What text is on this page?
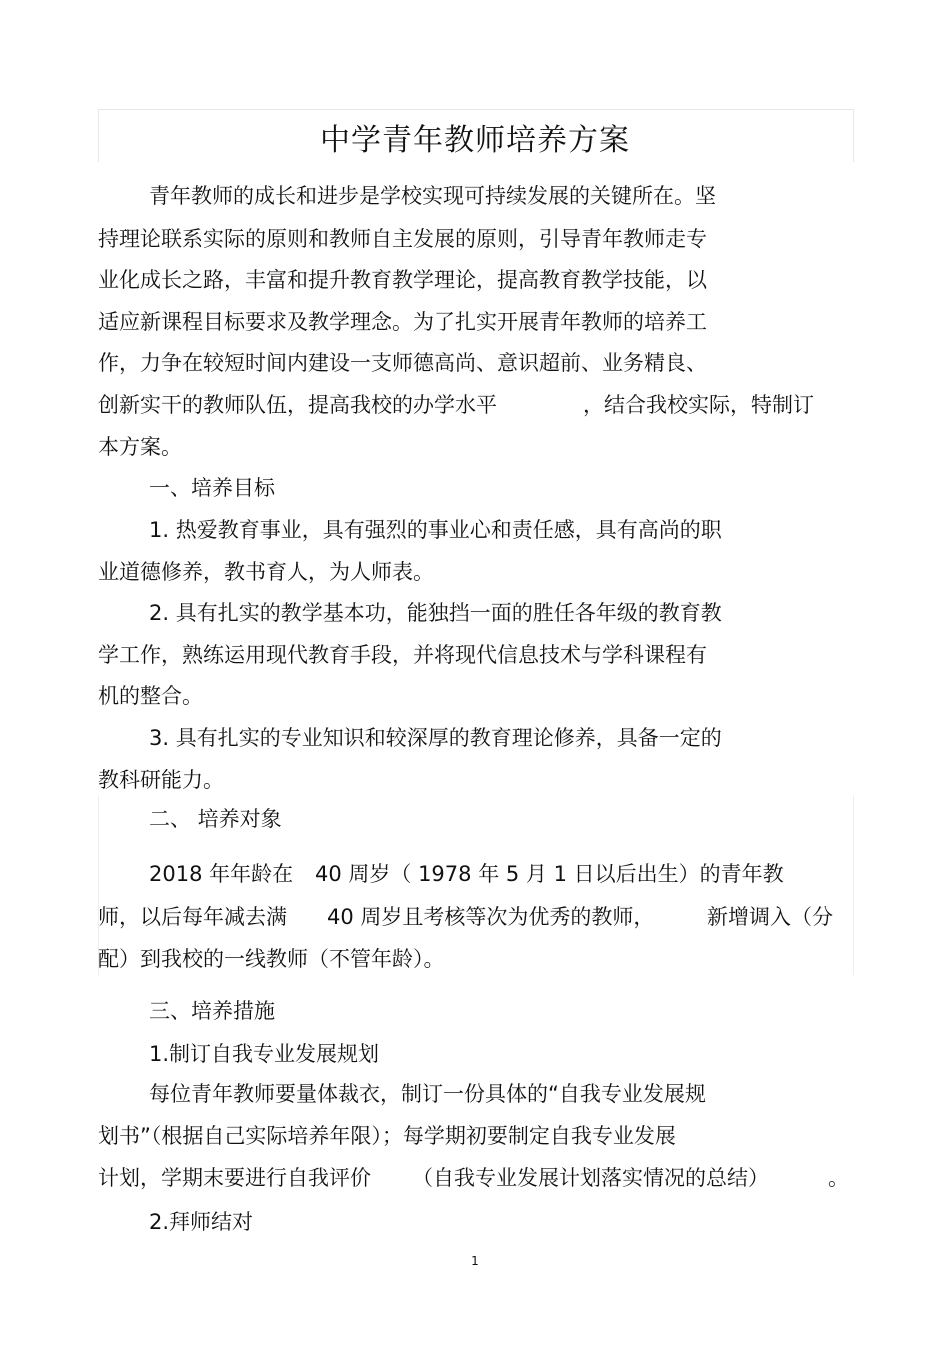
中学青年教师培养方案
青年教师的成长和进步是学校实现可持续发展的关键所在。坚
持理论联系实际的原则和教师自主发展的原则，引导青年教师走专
业化成长之路，丰富和提升教育教学理论，提高教育教学技能，以
适应新课程目标要求及教学理念。为了扎实开展青年教师的培养工
作，力争在较短时间内建设一支师德高尚、意识超前、业务精良、
创新实干的教师队伍，提高我校的办学水平	，结合我校实际，特制订
本方案。
一、培养目标
1. 热爱教育事业，具有强烈的事业心和责任感，具有高尚的职
业道德修养，教书育人，为人师表。
2. 具有扎实的教学基本功，能独挡一面的胜任各年级的教育教
学工作，熟练运用现代教育手段，并将现代信息技术与学科课程有
机的整合。
3. 具有扎实的专业知识和较深厚的教育理论修养，具备一定的
教科研能力。
二、 培养对象
2018 年年龄在 40 周岁（ 1978 年 5 月 1 日以后出生）的青年教
师，以后每年减去满 40 周岁且考核等次为优秀的教师，	新增调入（分
配）到我校的一线教师（不管年龄）。
三、培养措施
1.制订自我专业发展规划
每位青年教师要量体裁衣，制订一份具体的“自我专业发展规
划书”（根据自己实际培养年限）；每学期初要制定自我专业发展
计划，学期末要进行自我评价 （自我专业发展计划落实情况的总结）	。
2.拜师结对
1
